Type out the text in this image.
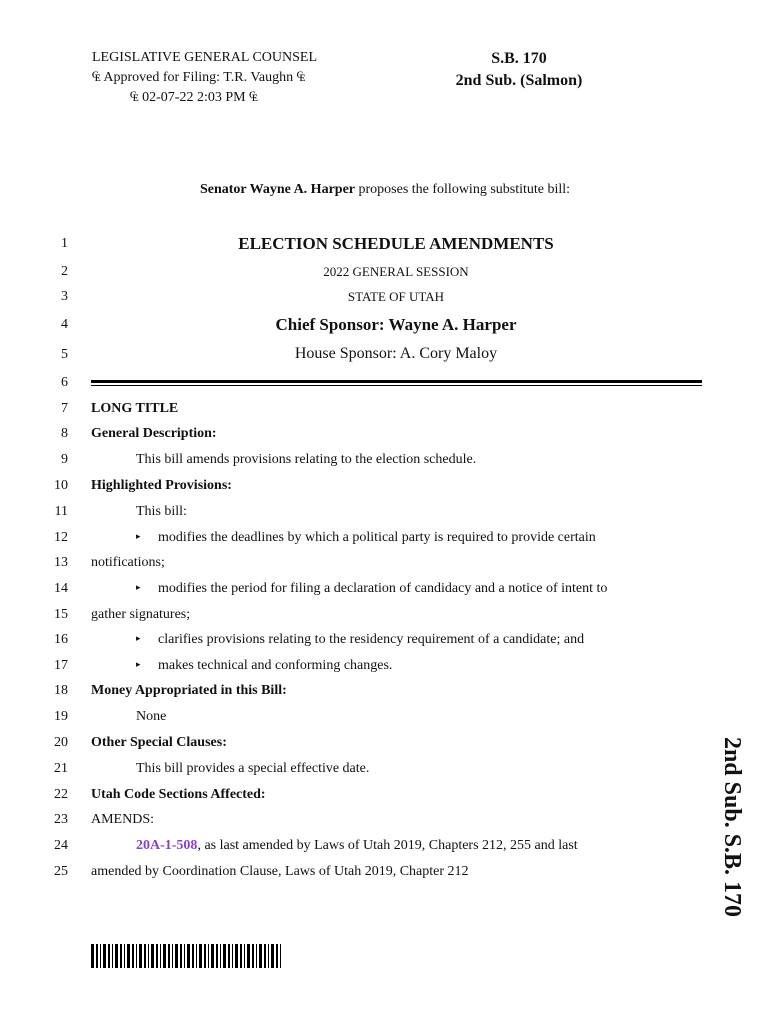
LEGISLATIVE GENERAL COUNSEL
₠ Approved for Filing: T.R. Vaughn ₠
₠ 02-07-22 2:03 PM ₠
S.B. 170
2nd Sub. (Salmon)
Senator Wayne A. Harper proposes the following substitute bill:
1
2
3
4
5
6
7
8
9
10
11
12
13
14
15
16
17
18
19
20
21
22
23
24
25
ELECTION SCHEDULE AMENDMENTS
2022 GENERAL SESSION
STATE OF UTAH
Chief Sponsor: Wayne A. Harper
House Sponsor: A. Cory Maloy
LONG TITLE
General Description:
This bill amends provisions relating to the election schedule.
Highlighted Provisions:
This bill:
▸ modifies the deadlines by which a political party is required to provide certain
notifications;
▸ modifies the period for filing a declaration of candidacy and a notice of intent to
gather signatures;
▸ clarifies provisions relating to the residency requirement of a candidate; and
▸ makes technical and conforming changes.
Money Appropriated in this Bill:
None
Other Special Clauses:
This bill provides a special effective date.
Utah Code Sections Affected:
AMENDS:
20A-1-508, as last amended by Laws of Utah 2019, Chapters 212, 255 and last
amended by Coordination Clause, Laws of Utah 2019, Chapter 212	2nd Sub. S.B. 170
